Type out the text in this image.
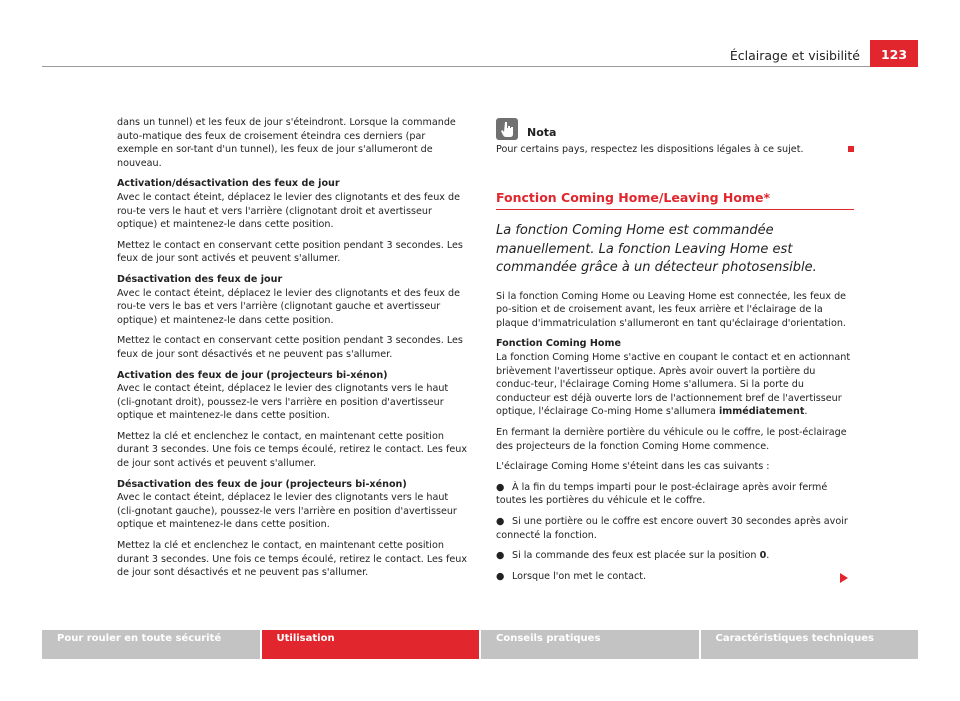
Éclairage et visibilité	123

dans un tunnel) et les feux de jour s'éteindront. Lorsque la commande auto-matique des feux de croisement éteindra ces derniers (par exemple en sor-tant d'un tunnel), les feux de jour s'allumeront de nouveau.

Activation/désactivation des feux de jour

Avec le contact éteint, déplacez le levier des clignotants et des feux de rou-te vers le haut et vers l'arrière (clignotant droit et avertisseur optique) et maintenez-le dans cette position.

Mettez le contact en conservant cette position pendant 3 secondes. Les feux de jour sont activés et peuvent s'allumer.

Désactivation des feux de jour

Avec le contact éteint, déplacez le levier des clignotants et des feux de rou-te vers le bas et vers l'arrière (clignotant gauche et avertisseur optique) et maintenez-le dans cette position.

Mettez le contact en conservant cette position pendant 3 secondes. Les feux de jour sont désactivés et ne peuvent pas s'allumer.

Activation des feux de jour (projecteurs bi-xénon)

Avec le contact éteint, déplacez le levier des clignotants vers le haut (cli-gnotant droit), poussez-le vers l'arrière en position d'avertisseur optique et maintenez-le dans cette position.

Mettez la clé et enclenchez le contact, en maintenant cette position durant 3 secondes. Une fois ce temps écoulé, retirez le contact. Les feux de jour sont activés et peuvent s'allumer.

Désactivation des feux de jour (projecteurs bi-xénon)

Avec le contact éteint, déplacez le levier des clignotants vers le haut (cli-gnotant gauche), poussez-le vers l'arrière en position d'avertisseur optique et maintenez-le dans cette position.

Mettez la clé et enclenchez le contact, en maintenant cette position durant 3 secondes. Une fois ce temps écoulé, retirez le contact. Les feux de jour sont désactivés et ne peuvent pas s'allumer.

Nota

Pour certains pays, respectez les dispositions légales à ce sujet.

Fonction Coming Home/Leaving Home*
La fonction Coming Home est commandée manuellement. La fonction Leaving Home est commandée grâce à un détecteur photosensible.

Si la fonction Coming Home ou Leaving Home est connectée, les feux de po-sition et de croisement avant, les feux arrière et l'éclairage de la plaque d'immatriculation s'allumeront en tant qu'éclairage d'orientation.

Fonction Coming Home

La fonction Coming Home s'active en coupant le contact et en actionnant brièvement l'avertisseur optique. Après avoir ouvert la portière du conduc-teur, l'éclairage Coming Home s'allumera. Si la porte du conducteur est déjà ouverte lors de l'actionnement bref de l'avertisseur optique, l'éclairage Co-ming Home s'allumera immédiatement.

En fermant la dernière portière du véhicule ou le coffre, le post-éclairage des projecteurs de la fonction Coming Home commence.

L'éclairage Coming Home s'éteint dans les cas suivants :

● À la fin du temps imparti pour le post-éclairage après avoir fermé toutes les portières du véhicule et le coffre.

● Si une portière ou le coffre est encore ouvert 30 secondes après avoir connecté la fonction.

● Si la commande des feux est placée sur la position 0.

● Lorsque l'on met le contact.

Pour rouler en toute sécurité	Utilisation	Conseils pratiques	Caractéristiques techniques
